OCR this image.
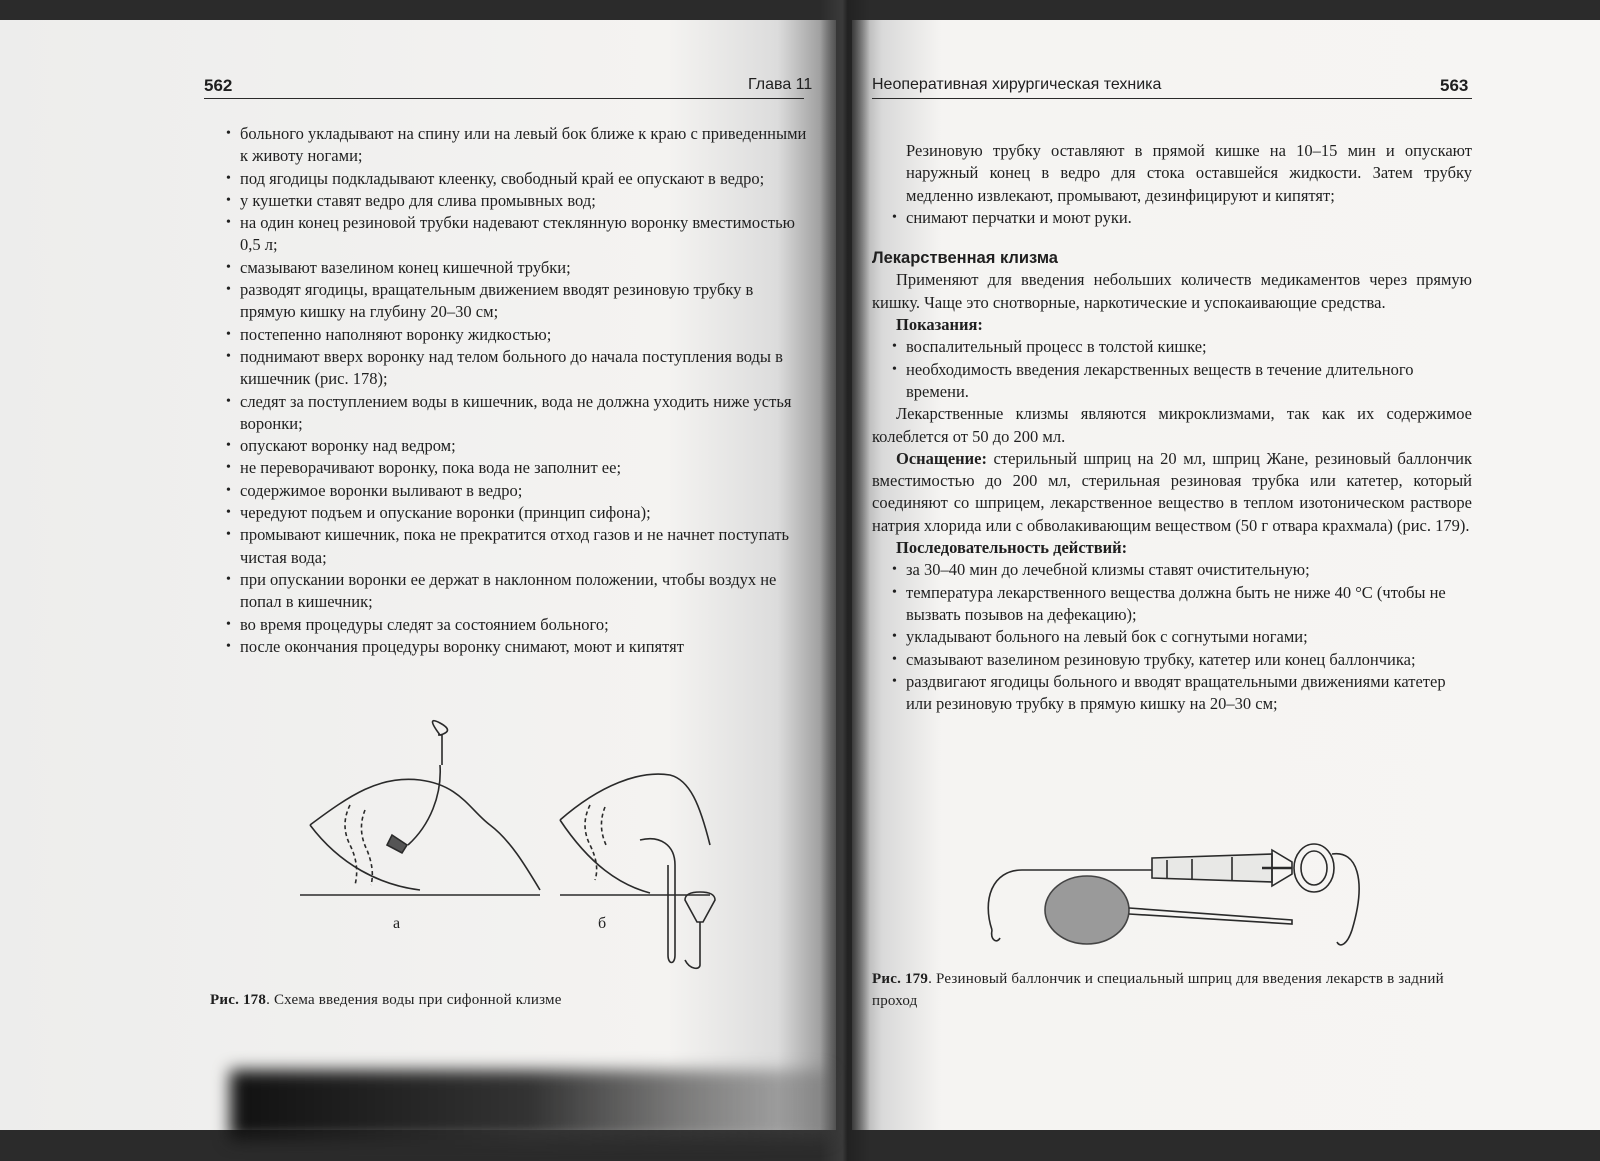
562	Глава 11
• больного укладывают на спину или на левый бок ближе к краю с приведенными к животу ногами;
• под ягодицы подкладывают клеенку, свободный край ее опускают в ведро;
• у кушетки ставят ведро для слива промывных вод;
• на один конец резиновой трубки надевают стеклянную воронку вместимостью 0,5 л;
• смазывают вазелином конец кишечной трубки;
• разводят ягодицы, вращательным движением вводят резиновую трубку в прямую кишку на глубину 20–30 см;
• постепенно наполняют воронку жидкостью;
• поднимают вверх воронку над телом больного до начала поступления воды в кишечник (рис. 178);
• следят за поступлением воды в кишечник, вода не должна уходить ниже устья воронки;
• опускают воронку над ведром;
• не переворачивают воронку, пока вода не заполнит ее;
• содержимое воронки выливают в ведро;
• чередуют подъем и опускание воронки (принцип сифона);
• промывают кишечник, пока не прекратится отход газов и не начнет поступать чистая вода;
• при опускании воронки ее держат в наклонном положении, чтобы воздух не попал в кишечник;
• во время процедуры следят за состоянием больного;
• после окончания процедуры воронку снимают, моют и кипятят
а	б
Рис. 178. Схема введения воды при сифонной клизме
Неоперативная хирургическая техника	563
Резиновую трубку оставляют в прямой кишке на 10–15 мин и опускают наружный конец в ведро для стока оставшейся жидкости. Затем трубку медленно извлекают, промывают, дезинфицируют и кипятят;
• снимают перчатки и моют руки.
Лекарственная клизма
Применяют для введения небольших количеств медикаментов через прямую кишку. Чаще это снотворные, наркотические и успокаивающие средства.
Показания:
• воспалительный процесс в толстой кишке;
• необходимость введения лекарственных веществ в течение длительного времени.
Лекарственные клизмы являются микроклизмами, так как их содержимое колеблется от 50 до 200 мл.
Оснащение: стерильный шприц на 20 мл, шприц Жане, резиновый баллончик вместимостью до 200 мл, стерильная резиновая трубка или катетер, который соединяют со шприцем, лекарственное вещество в теплом изотоническом растворе натрия хлорида или с обволакивающим веществом (50 г отвара крахмала) (рис. 179).
Последовательность действий:
• за 30–40 мин до лечебной клизмы ставят очистительную;
• температура лекарственного вещества должна быть не ниже 40 °С (чтобы не вызвать позывов на дефекацию);
• укладывают больного на левый бок с согнутыми ногами;
• смазывают вазелином резиновую трубку, катетер или конец баллончика;
• раздвигают ягодицы больного и вводят вращательными движениями катетер или резиновую трубку в прямую кишку на 20–30 см;
Рис. 179. Резиновый баллончик и специальный шприц для введения лекарств в задний проход
